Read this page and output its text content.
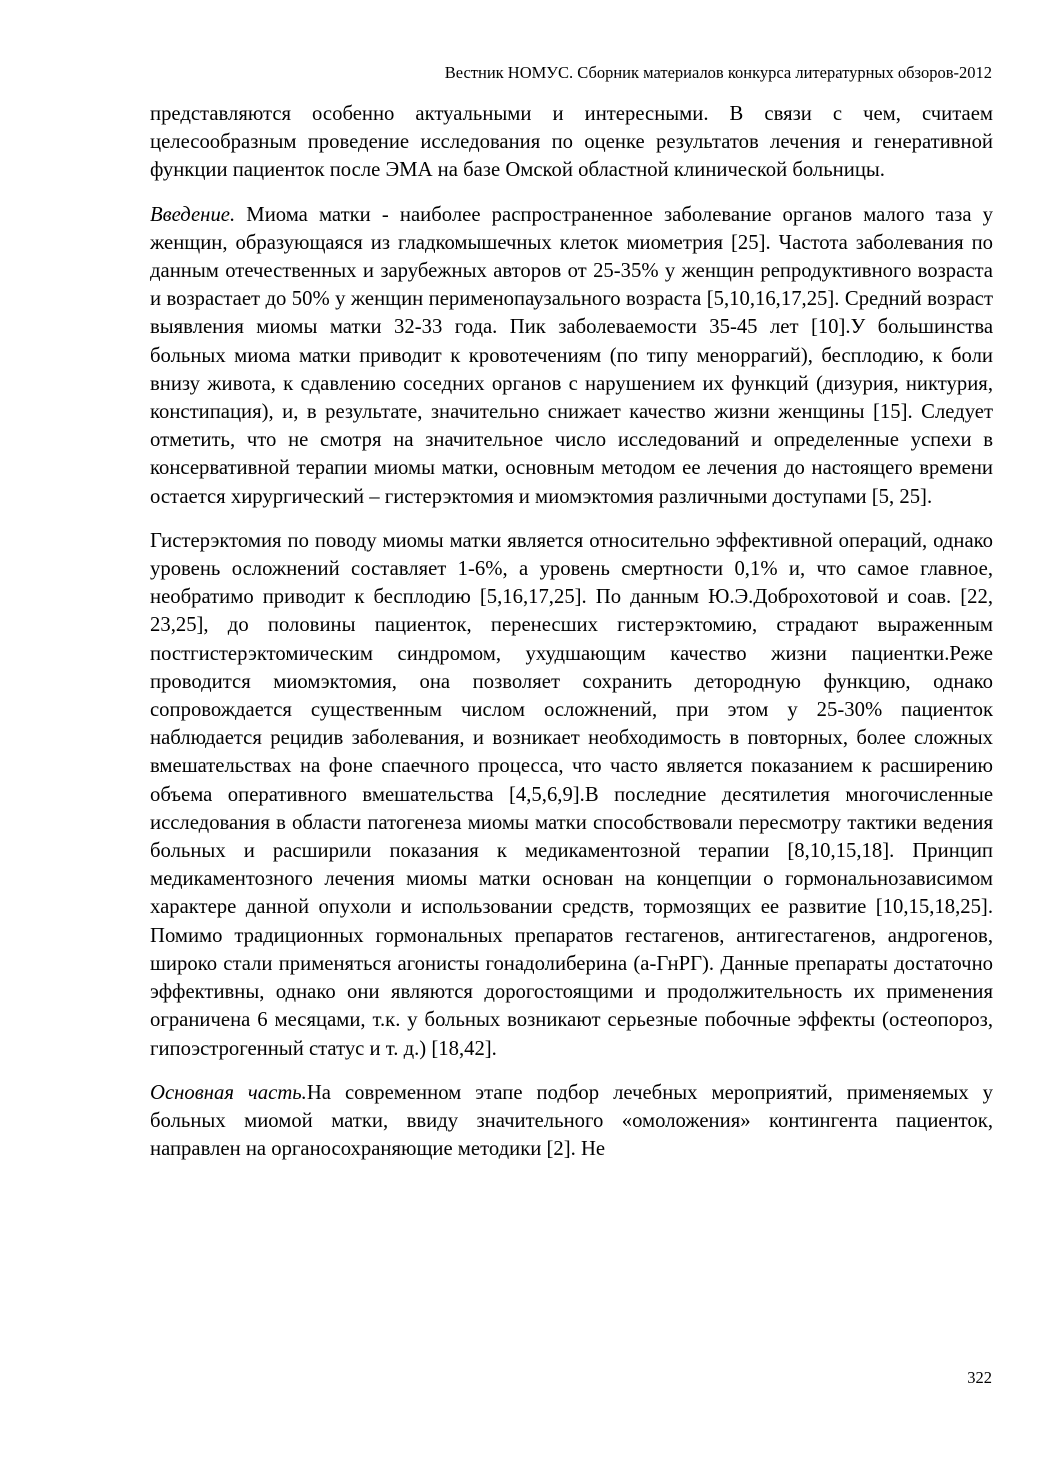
Вестник НОМУС. Сборник материалов конкурса литературных обзоров-2012

представляются особенно актуальными и интересными. В связи с чем, считаем целесообразным проведение исследования по оценке результатов лечения и генеративной функции пациенток после ЭМА на базе Омской областной клинической больницы.

Введение. Миома матки - наиболее распространенное заболевание органов малого таза у женщин, образующаяся из гладкомышечных клеток миометрия [25]. Частота заболевания по данным отечественных и зарубежных авторов от 25-35% у женщин репродуктивного возраста и возрастает до 50% у женщин перименопаузального возраста [5,10,16,17,25]. Средний возраст выявления миомы матки 32-33 года. Пик заболеваемости 35-45 лет [10].У большинства больных миома матки приводит к кровотечениям (по типу меноррагий), бесплодию, к боли внизу живота, к сдавлению соседних органов с нарушением их функций (дизурия, никтурия, констипация), и, в результате, значительно снижает качество жизни женщины [15]. Следует отметить, что не смотря на значительное число исследований и определенные успехи в консервативной терапии миомы матки, основным методом ее лечения до настоящего времени остается хирургический – гистерэктомия и миомэктомия различными доступами [5, 25].

Гистерэктомия по поводу миомы матки является относительно эффективной операций, однако уровень осложнений составляет 1-6%, а уровень смертности 0,1% и, что самое главное, необратимо приводит к бесплодию [5,16,17,25]. По данным Ю.Э.Доброхотовой и соав. [22, 23,25], до половины пациенток, перенесших гистерэктомию, страдают выраженным постгистерэктомическим синдромом, ухудшающим качество жизни пациентки.Реже проводится миомэктомия, она позволяет сохранить детородную функцию, однако сопровождается существенным числом осложнений, при этом у 25-30% пациенток наблюдается рецидив заболевания, и возникает необходимость в повторных, более сложных вмешательствах на фоне спаечного процесса, что часто является показанием к расширению объема оперативного вмешательства [4,5,6,9].В последние десятилетия многочисленные исследования в области патогенеза миомы матки способствовали пересмотру тактики ведения больных и расширили показания к медикаментозной терапии [8,10,15,18]. Принцип медикаментозного лечения миомы матки основан на концепции о гормональнозависимом характере данной опухоли и использовании средств, тормозящих ее развитие [10,15,18,25]. Помимо традиционных гормональных препаратов гестагенов, антигестагенов, андрогенов, широко стали применяться агонисты гонадолиберина (а-ГнРГ). Данные препараты достаточно эффективны, однако они являются дорогостоящими и продолжительность их применения ограничена 6 месяцами, т.к. у больных возникают серьезные побочные эффекты (остеопороз, гипоэстрогенный статус и т. д.) [18,42].

Основная часть.На современном этапе подбор лечебных мероприятий, применяемых у больных миомой матки, ввиду значительного «омоложения» контингента пациенток, направлен на органосохраняющие методики [2]. Не

322
